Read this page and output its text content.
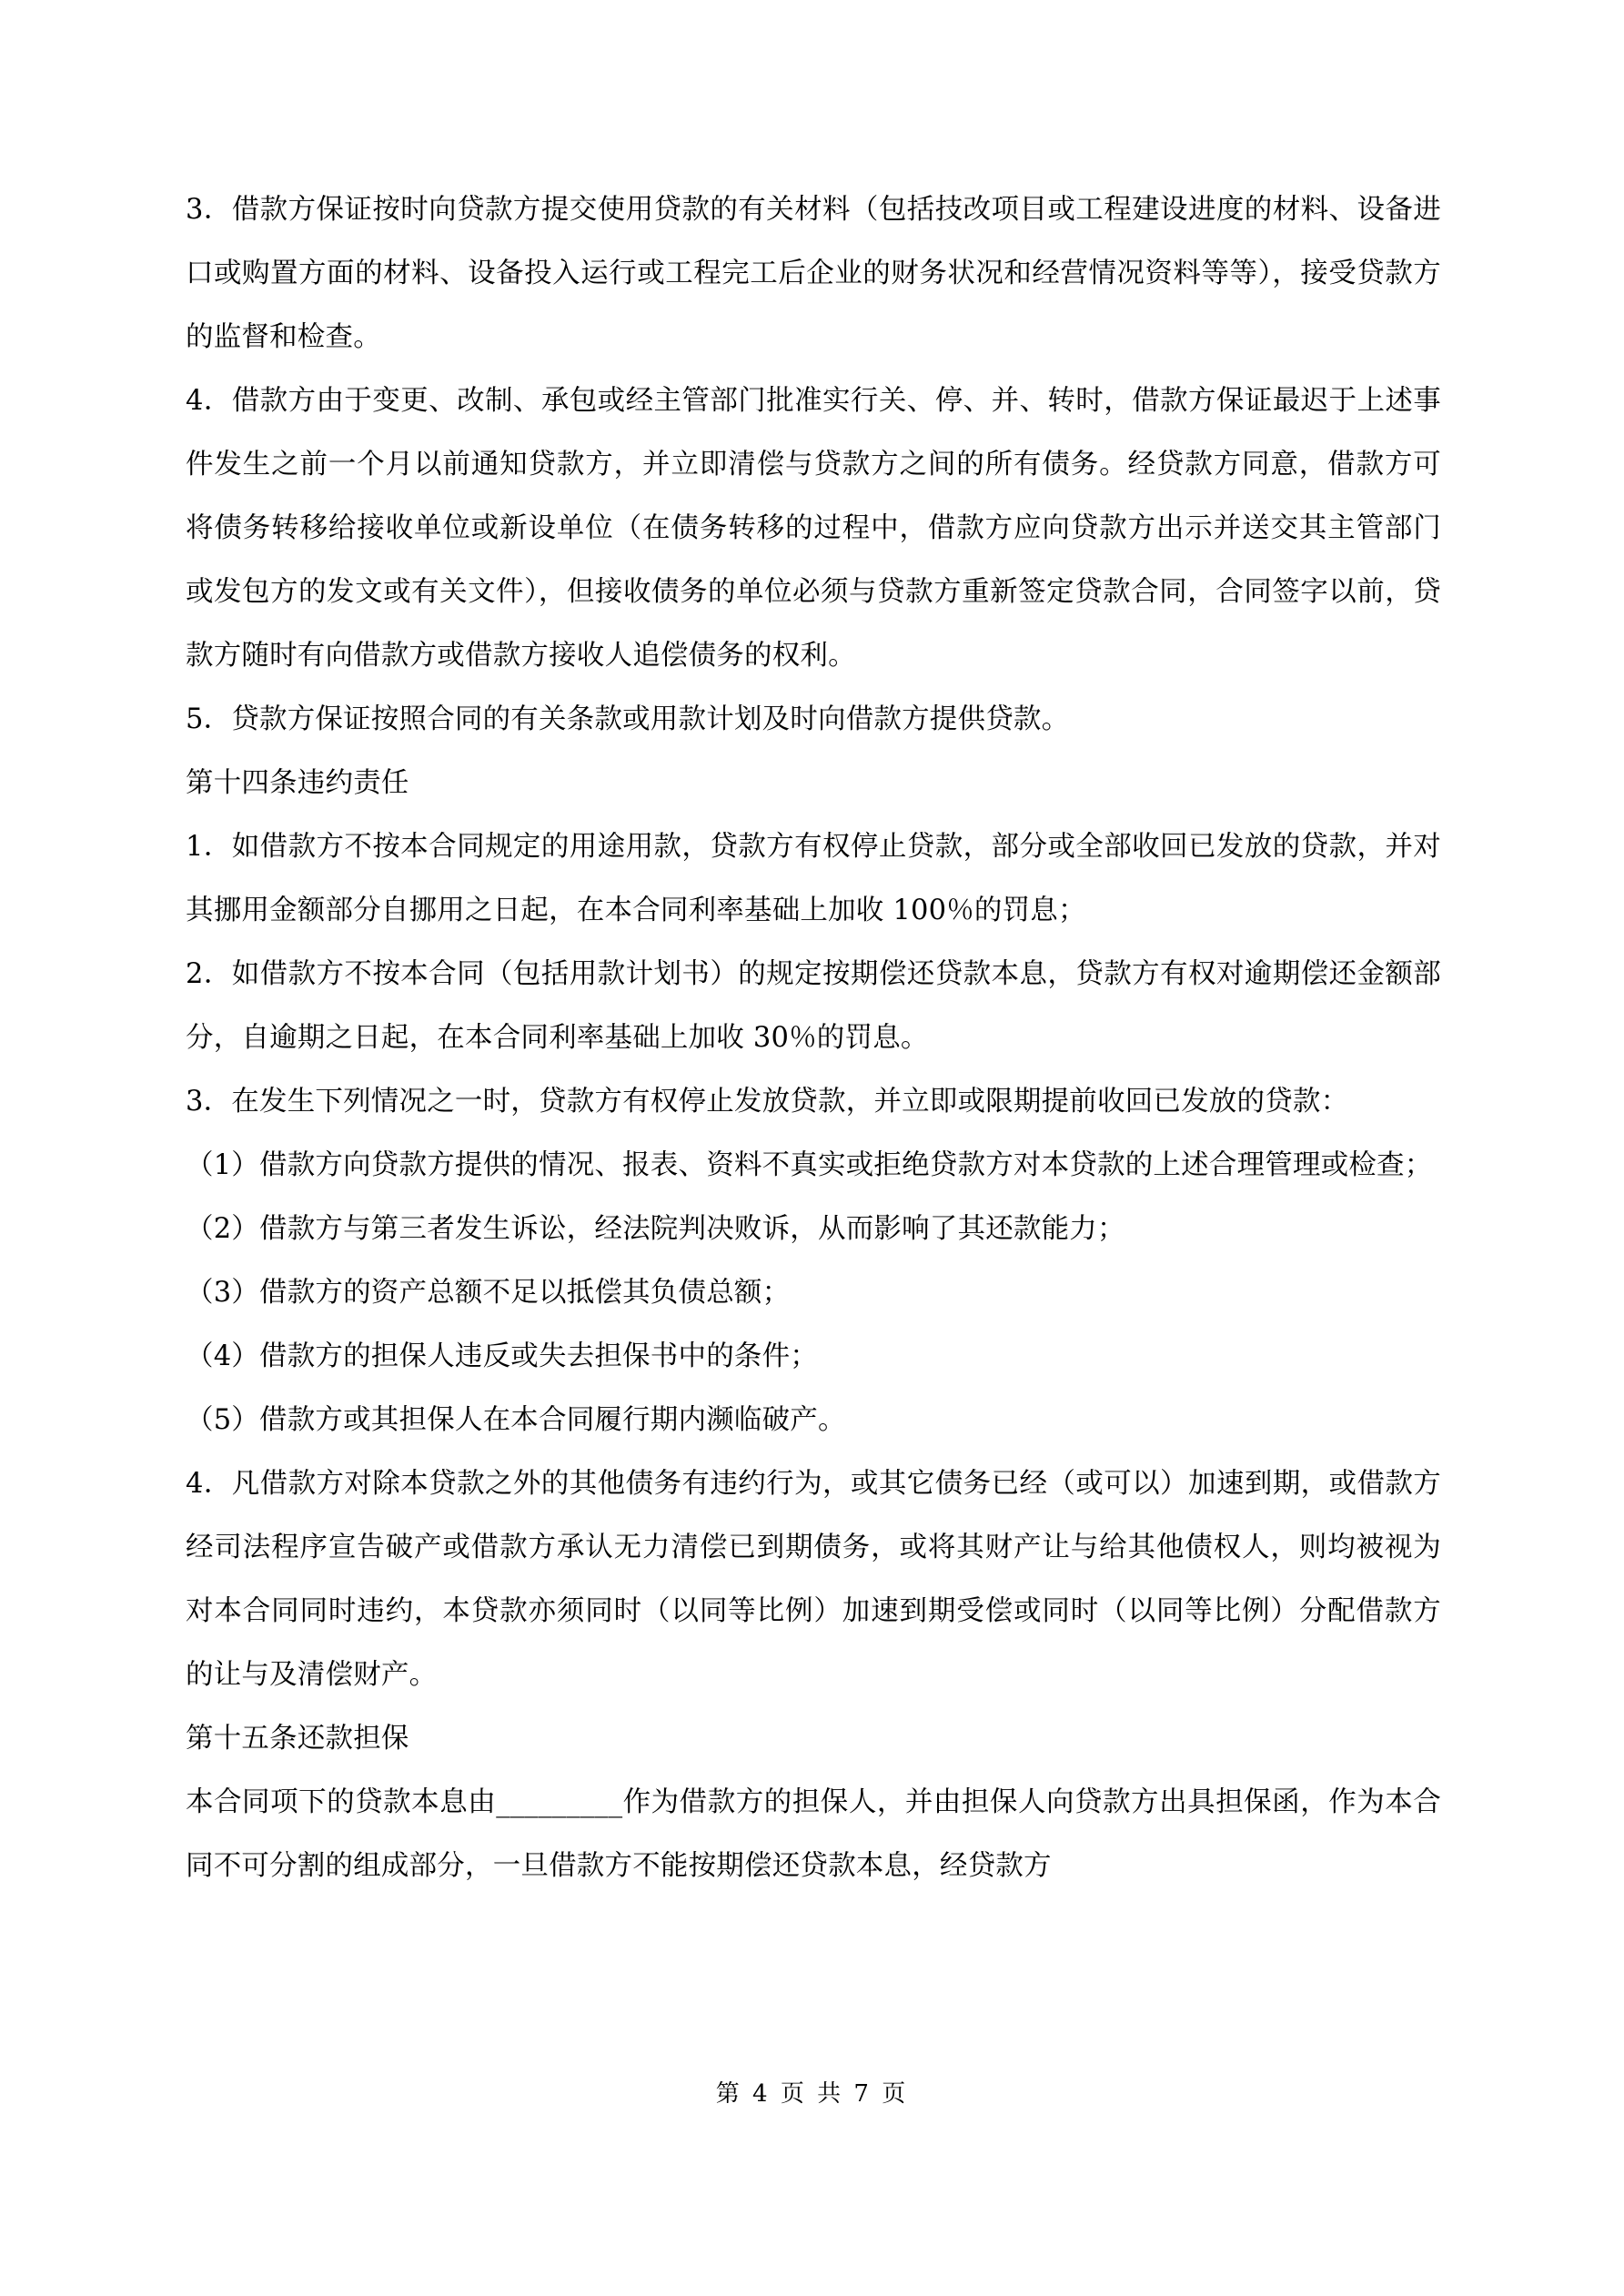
3．借款方保证按时向贷款方提交使用贷款的有关材料（包括技改项目或工程建设进度的材料、设备进口或购置方面的材料、设备投入运行或工程完工后企业的财务状况和经营情况资料等等），接受贷款方的监督和检查。

4．借款方由于变更、改制、承包或经主管部门批准实行关、停、并、转时，借款方保证最迟于上述事件发生之前一个月以前通知贷款方，并立即清偿与贷款方之间的所有债务。经贷款方同意，借款方可将债务转移给接收单位或新设单位（在债务转移的过程中，借款方应向贷款方出示并送交其主管部门或发包方的发文或有关文件），但接收债务的单位必须与贷款方重新签定贷款合同，合同签字以前，贷款方随时有向借款方或借款方接收人追偿债务的权利。

5．贷款方保证按照合同的有关条款或用款计划及时向借款方提供贷款。

第十四条违约责任

1．如借款方不按本合同规定的用途用款，贷款方有权停止贷款，部分或全部收回已发放的贷款，并对其挪用金额部分自挪用之日起，在本合同利率基础上加收 100％的罚息；

2．如借款方不按本合同（包括用款计划书）的规定按期偿还贷款本息，贷款方有权对逾期偿还金额部分，自逾期之日起，在本合同利率基础上加收 30％的罚息。

3．在发生下列情况之一时，贷款方有权停止发放贷款，并立即或限期提前收回已发放的贷款：

（1）借款方向贷款方提供的情况、报表、资料不真实或拒绝贷款方对本贷款的上述合理管理或检查；

（2）借款方与第三者发生诉讼，经法院判决败诉，从而影响了其还款能力；

（3）借款方的资产总额不足以抵偿其负债总额；

（4）借款方的担保人违反或失去担保书中的条件；

（5）借款方或其担保人在本合同履行期内濒临破产。

4．凡借款方对除本贷款之外的其他债务有违约行为，或其它债务已经（或可以）加速到期，或借款方经司法程序宣告破产或借款方承认无力清偿已到期债务，或将其财产让与给其他债权人，则均被视为对本合同同时违约，本贷款亦须同时（以同等比例）加速到期受偿或同时（以同等比例）分配借款方的让与及清偿财产。

第十五条还款担保

本合同项下的贷款本息由_________作为借款方的担保人，并由担保人向贷款方出具担保函，作为本合同不可分割的组成部分，一旦借款方不能按期偿还贷款本息，经贷款方

第 4 页 共 7 页
